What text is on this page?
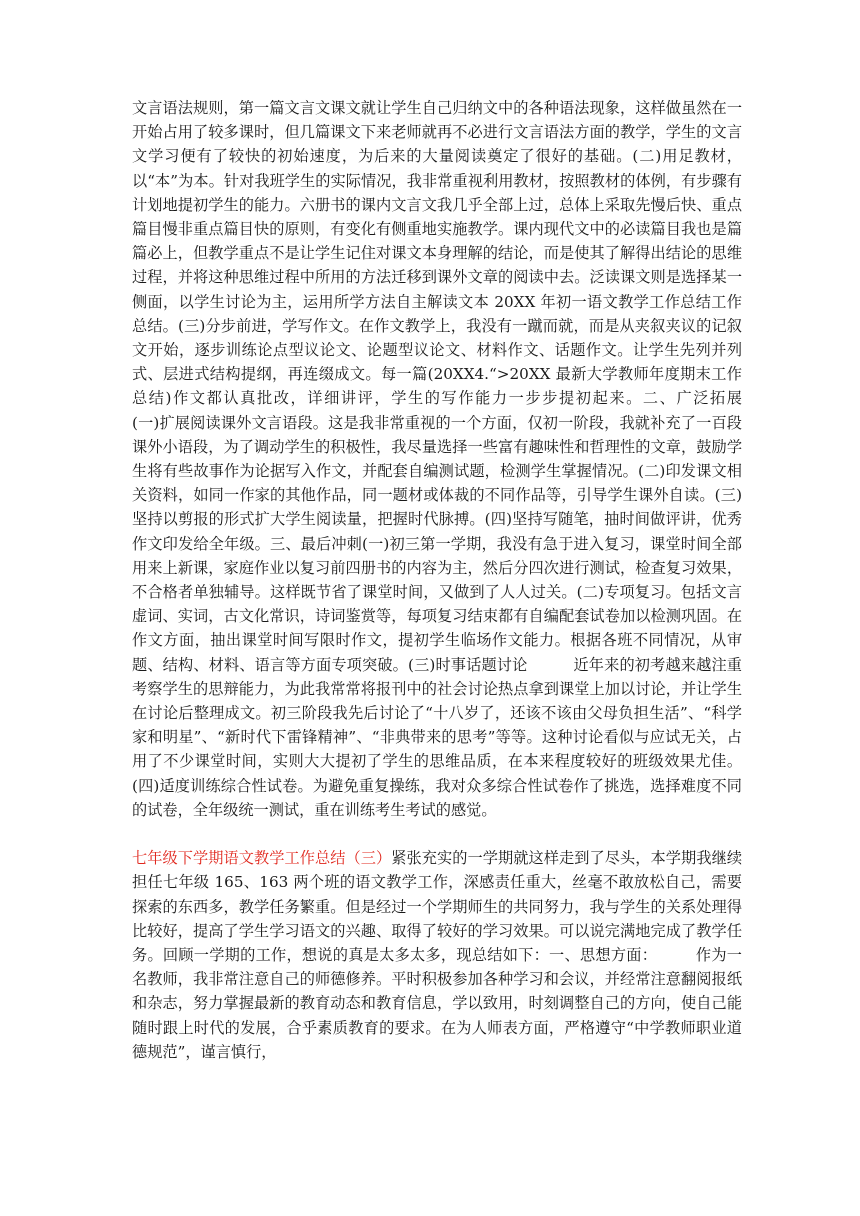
文言语法规则，第一篇文言文课文就让学生自己归纳文中的各种语法现象，这样做虽然在一开始占用了较多课时，但几篇课文下来老师就再不必进行文言语法方面的教学，学生的文言文学习便有了较快的初始速度，为后来的大量阅读奠定了很好的基础。(二)用足教材，以“本”为本。针对我班学生的实际情况，我非常重视利用教材，按照教材的体例，有步骤有计划地提初学生的能力。六册书的课内文言文我几乎全部上过，总体上采取先慢后快、重点篇目慢非重点篇目快的原则，有变化有侧重地实施教学。课内现代文中的必读篇目我也是篇篇必上，但教学重点不是让学生记住对课文本身理解的结论，而是使其了解得出结论的思维过程，并将这种思维过程中所用的方法迁移到课外文章的阅读中去。泛读课文则是选择某一侧面，以学生讨论为主，运用所学方法自主解读文本 20XX 年初一语文教学工作总结工作总结。(三)分步前进，学写作文。在作文教学上，我没有一蹴而就，而是从夹叙夹议的记叙文开始，逐步训练论点型议论文、论题型议论文、材料作文、话题作文。让学生先列并列式、层进式结构提纲，再连缀成文。每一篇(20XX4.“>20XX 最新大学教师年度期末工作总结)作文都认真批改，详细讲评，学生的写作能力一步步提初起来。二、广泛拓展　　　(一)扩展阅读课外文言语段。这是我非常重视的一个方面，仅初一阶段，我就补充了一百段课外小语段，为了调动学生的积极性，我尽量选择一些富有趣味性和哲理性的文章，鼓励学生将有些故事作为论据写入作文，并配套自编测试题，检测学生掌握情况。(二)印发课文相关资料，如同一作家的其他作品，同一题材或体裁的不同作品等，引导学生课外自读。(三)坚持以剪报的形式扩大学生阅读量，把握时代脉搏。(四)坚持写随笔，抽时间做评讲，优秀作文印发给全年级。三、最后冲刺(一)初三第一学期，我没有急于进入复习，课堂时间全部用来上新课，家庭作业以复习前四册书的内容为主，然后分四次进行测试，检查复习效果，不合格者单独辅导。这样既节省了课堂时间，又做到了人人过关。(二)专项复习。包括文言虚词、实词，古文化常识，诗词鉴赏等，每项复习结束都有自编配套试卷加以检测巩固。在作文方面，抽出课堂时间写限时作文，提初学生临场作文能力。根据各班不同情况，从审题、结构、材料、语言等方面专项突破。(三)时事话题讨论　　　近年来的初考越来越注重考察学生的思辩能力，为此我常常将报刊中的社会讨论热点拿到课堂上加以讨论，并让学生在讨论后整理成文。初三阶段我先后讨论了“十八岁了，还该不该由父母负担生活”、“科学家和明星”、“新时代下雷锋精神”、“非典带来的思考”等等。这种讨论看似与应试无关，占用了不少课堂时间，实则大大提初了学生的思维品质，在本来程度较好的班级效果尤佳。(四)适度训练综合性试卷。为避免重复操练，我对众多综合性试卷作了挑选，选择难度不同的试卷，全年级统一测试，重在训练考生考试的感觉。

七年级下学期语文教学工作总结（三）紧张充实的一学期就这样走到了尽头，本学期我继续担任七年级 165、163 两个班的语文教学工作，深感责任重大，丝毫不敢放松自己，需要探索的东西多，教学任务繁重。但是经过一个学期师生的共同努力，我与学生的关系处理得比较好，提高了学生学习语文的兴趣、取得了较好的学习效果。可以说完满地完成了教学任务。回顾一学期的工作，想说的真是太多太多，现总结如下：一、思想方面：　　　作为一名教师，我非常注意自己的师德修养。平时积极参加各种学习和会议，并经常注意翻阅报纸和杂志，努力掌握最新的教育动态和教育信息，学以致用，时刻调整自己的方向，使自己能随时跟上时代的发展，合乎素质教育的要求。在为人师表方面，严格遵守“中学教师职业道德规范”，谨言慎行，
